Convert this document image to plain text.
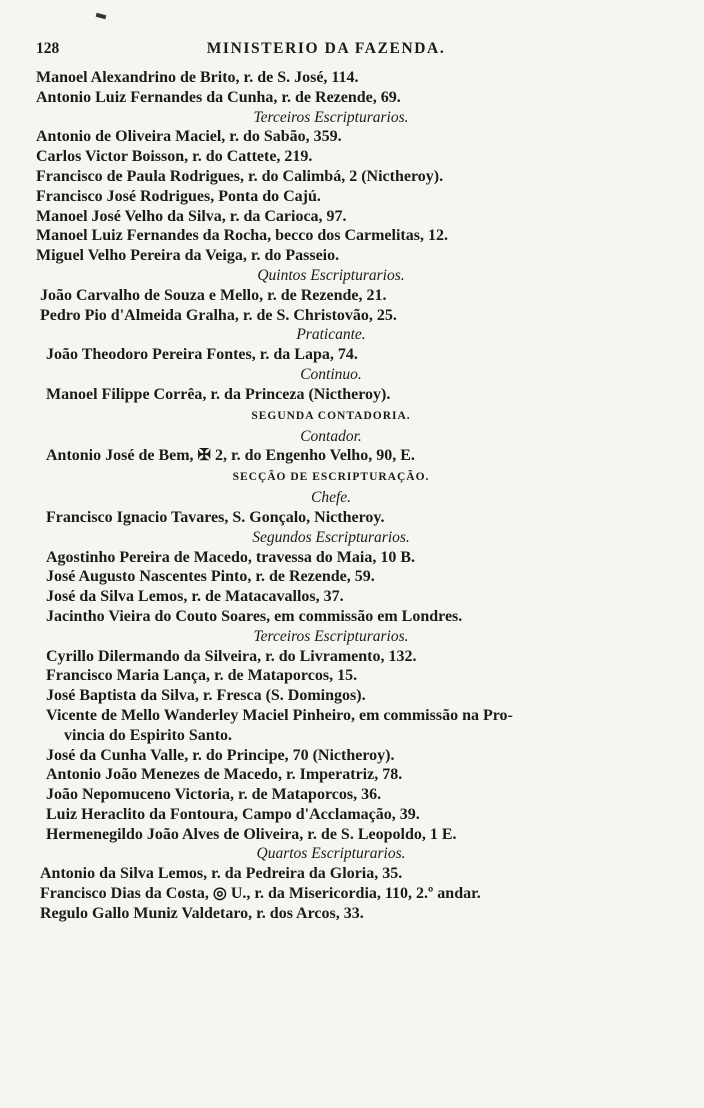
128	MINISTERIO DA FAZENDA.
Manoel Alexandrino de Brito, r. de S. José, 114.
Antonio Luiz Fernandes da Cunha, r. de Rezende, 69.
Terceiros Escripturarios.
Antonio de Oliveira Maciel, r. do Sabão, 359.
Carlos Victor Boisson, r. do Cattete, 219.
Francisco de Paula Rodrigues, r. do Calimbá, 2 (Nictheroy).
Francisco José Rodrigues, Ponta do Cajú.
Manoel José Velho da Silva, r. da Carioca, 97.
Manoel Luiz Fernandes da Rocha, becco dos Carmelitas, 12.
Miguel Velho Pereira da Veiga, r. do Passeio.
Quintos Escripturarios.
João Carvalho de Souza e Mello, r. de Rezende, 21.
Pedro Pio d'Almeida Gralha, r. de S. Christovão, 25.
Praticante.
João Theodoro Pereira Fontes, r. da Lapa, 74.
Continuo.
Manoel Filippe Corrêa, r. da Princeza (Nictheroy).
SEGUNDA CONTADORIA.
Contador.
Antonio José de Bem, ✠ 2, r. do Engenho Velho, 90, E.
SECÇÃO DE ESCRIPTURAÇÃO.
Chefe.
Francisco Ignacio Tavares, S. Gonçalo, Nictheroy.
Segundos Escripturarios.
Agostinho Pereira de Macedo, travessa do Maia, 10 B.
José Augusto Nascentes Pinto, r. de Rezende, 59.
José da Silva Lemos, r. de Matacavallos, 37.
Jacintho Vieira do Couto Soares, em commissão em Londres.
Terceiros Escripturarios.
Cyrillo Dilermando da Silveira, r. do Livramento, 132.
Francisco Maria Lança, r. de Mataporcos, 15.
José Baptista da Silva, r. Fresca (S. Domingos).
Vicente de Mello Wanderley Maciel Pinheiro, em commissão na Pro-
vincia do Espirito Santo.
José da Cunha Valle, r. do Principe, 70 (Nictheroy).
Antonio João Menezes de Macedo, r. Imperatriz, 78.
João Nepomuceno Victoria, r. de Mataporcos, 36.
Luiz Heraclito da Fontoura, Campo d'Acclamação, 39.
Hermenegildo João Alves de Oliveira, r. de S. Leopoldo, 1 E.
Quartos Escripturarios.
Antonio da Silva Lemos, r. da Pedreira da Gloria, 35.
Francisco Dias da Costa, ◎ U., r. da Misericordia, 110, 2.º andar.
Regulo Gallo Muniz Valdetaro, r. dos Arcos, 33.
